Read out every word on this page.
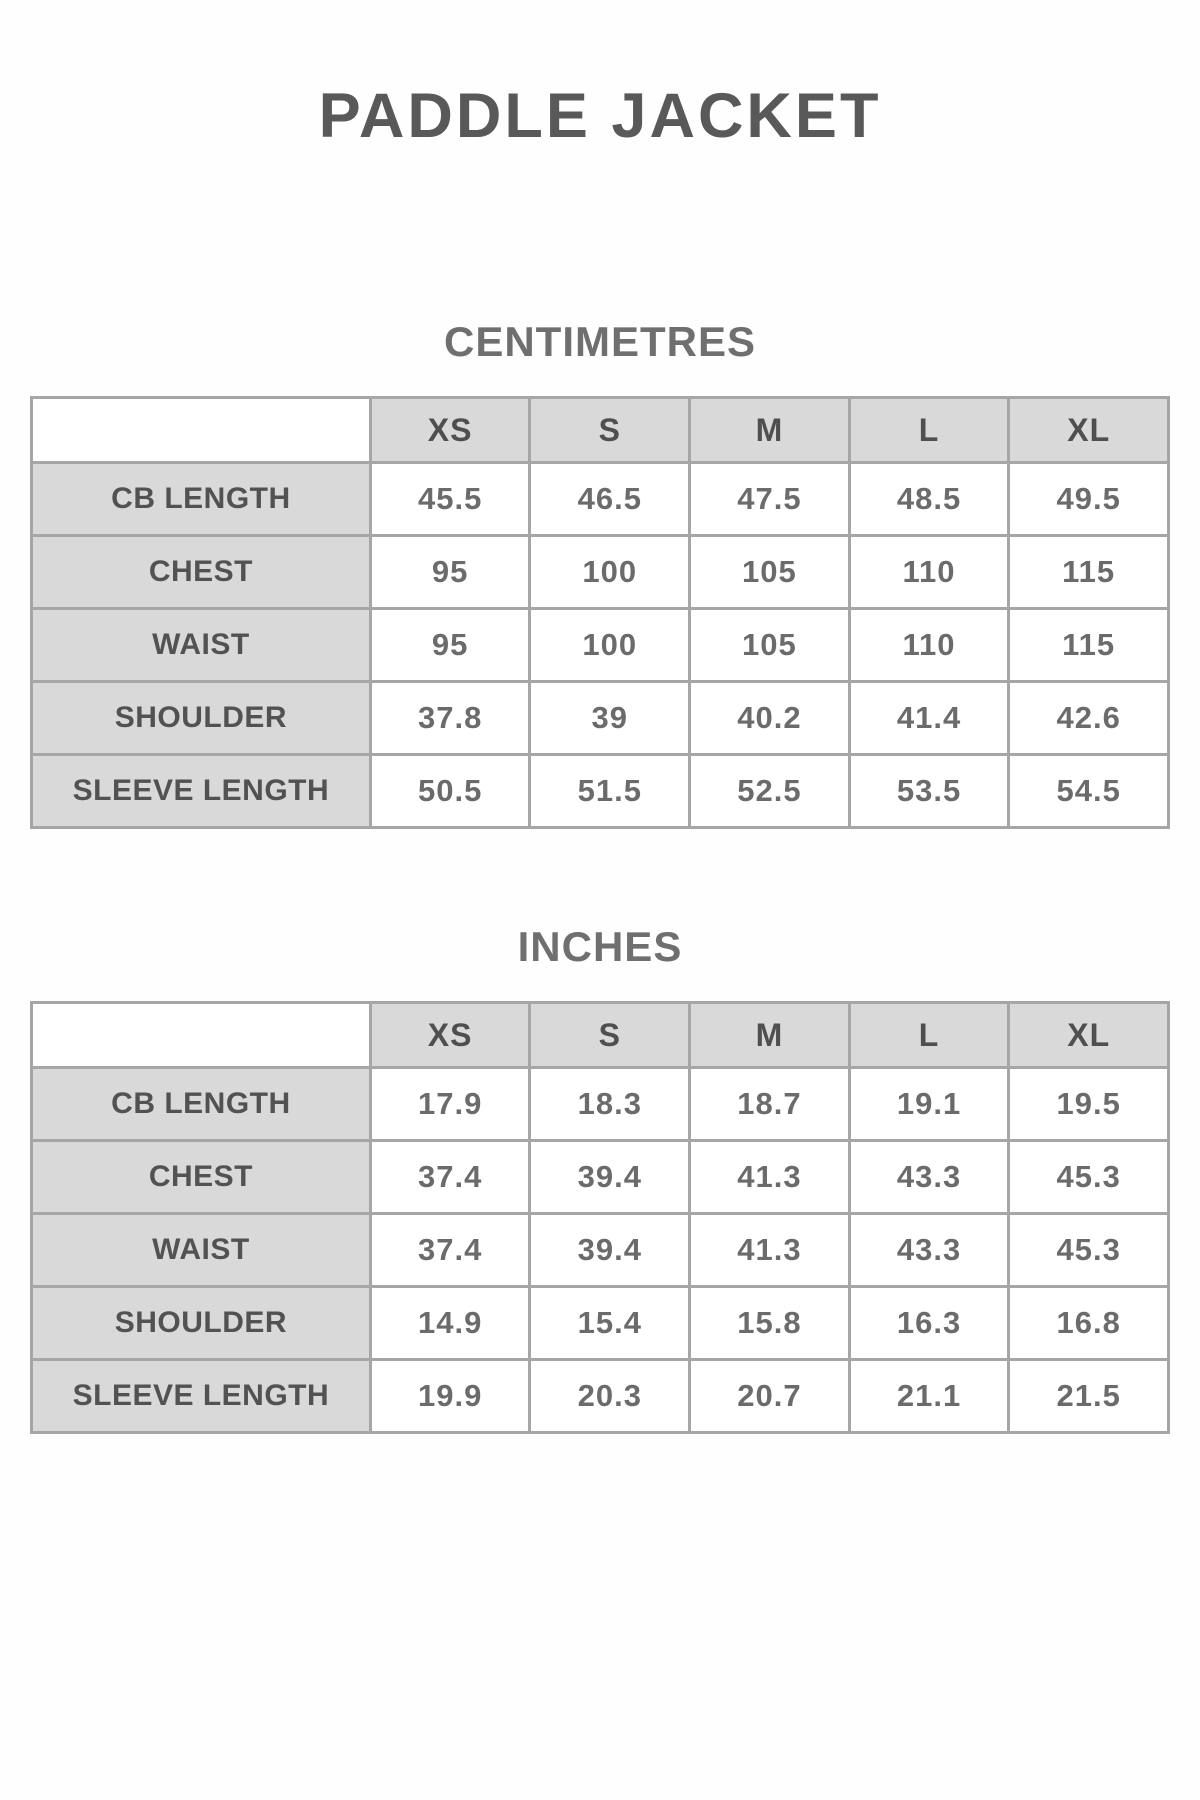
PADDLE JACKET
CENTIMETRES
	XS	S	M	L	XL
CB LENGTH	45.5	46.5	47.5	48.5	49.5
CHEST	95	100	105	110	115
WAIST	95	100	105	110	115
SHOULDER	37.8	39	40.2	41.4	42.6
SLEEVE LENGTH	50.5	51.5	52.5	53.5	54.5
INCHES
	XS	S	M	L	XL
CB LENGTH	17.9	18.3	18.7	19.1	19.5
CHEST	37.4	39.4	41.3	43.3	45.3
WAIST	37.4	39.4	41.3	43.3	45.3
SHOULDER	14.9	15.4	15.8	16.3	16.8
SLEEVE LENGTH	19.9	20.3	20.7	21.1	21.5
